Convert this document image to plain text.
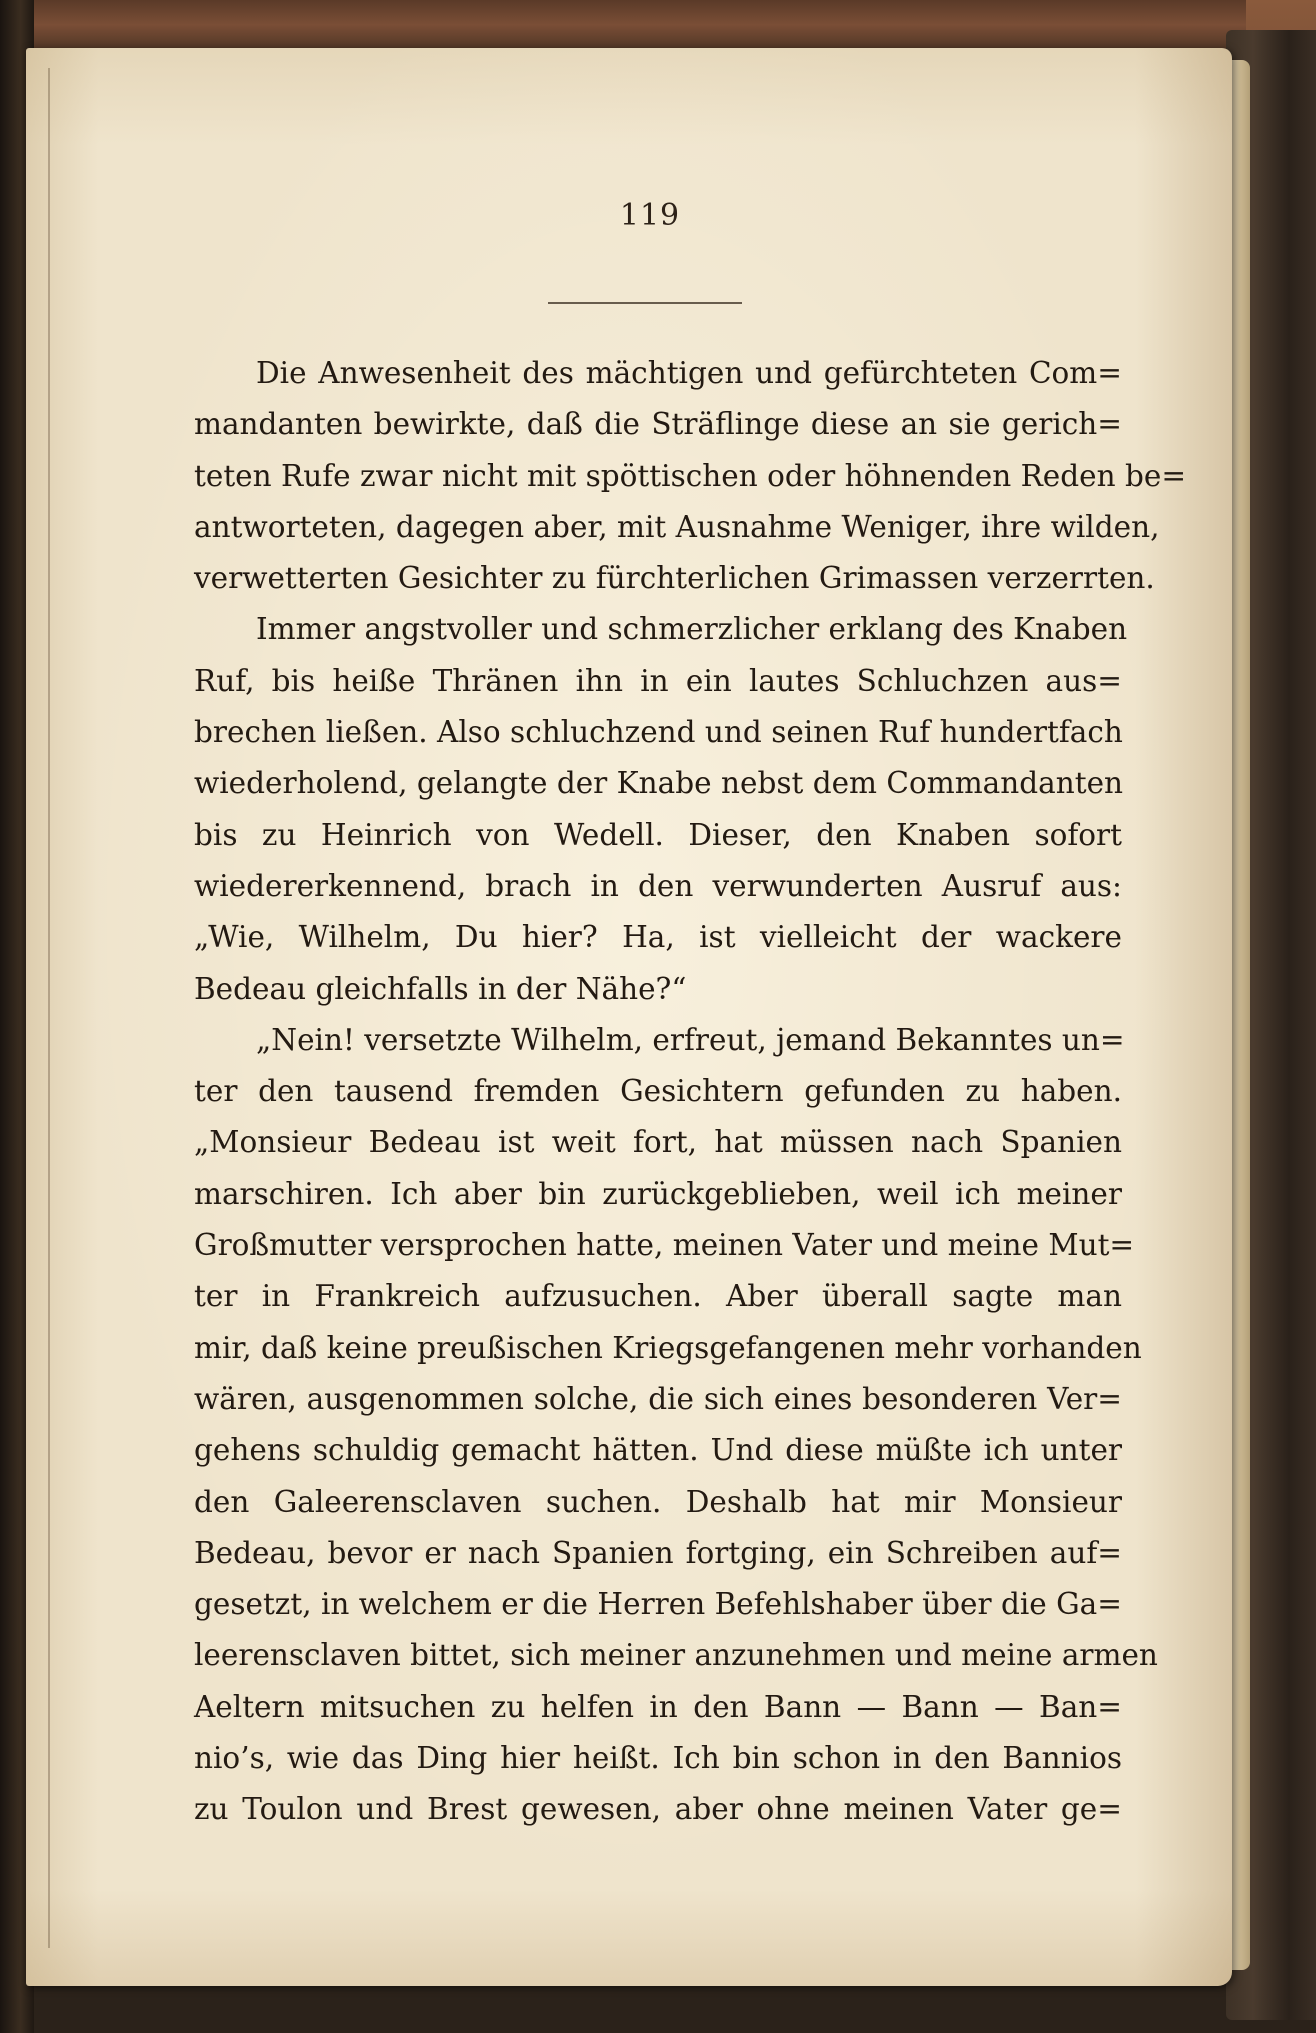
119
Die Anwesenheit des mächtigen und gefürchteten Com=
mandanten bewirkte, daß die Sträflinge diese an sie gerich=
teten Rufe zwar nicht mit spöttischen oder höhnenden Reden be=
antworteten, dagegen aber, mit Ausnahme Weniger, ihre wilden,
verwetterten Gesichter zu fürchterlichen Grimassen verzerrten.
Immer angstvoller und schmerzlicher erklang des Knaben
Ruf, bis heiße Thränen ihn in ein lautes Schluchzen aus=
brechen ließen. Also schluchzend und seinen Ruf hundertfach
wiederholend, gelangte der Knabe nebst dem Commandanten
bis zu Heinrich von Wedell. Dieser, den Knaben sofort
wiedererkennend, brach in den verwunderten Ausruf aus:
„Wie, Wilhelm, Du hier? Ha, ist vielleicht der wackere
Bedeau gleichfalls in der Nähe?“
„Nein! versetzte Wilhelm, erfreut, jemand Bekanntes un=
ter den tausend fremden Gesichtern gefunden zu haben.
„Monsieur Bedeau ist weit fort, hat müssen nach Spanien
marschiren. Ich aber bin zurückgeblieben, weil ich meiner
Großmutter versprochen hatte, meinen Vater und meine Mut=
ter in Frankreich aufzusuchen. Aber überall sagte man
mir, daß keine preußischen Kriegsgefangenen mehr vorhanden
wären, ausgenommen solche, die sich eines besonderen Ver=
gehens schuldig gemacht hätten. Und diese müßte ich unter
den Galeerensclaven suchen. Deshalb hat mir Monsieur
Bedeau, bevor er nach Spanien fortging, ein Schreiben auf=
gesetzt, in welchem er die Herren Befehlshaber über die Ga=
leerensclaven bittet, sich meiner anzunehmen und meine armen
Aeltern mitsuchen zu helfen in den Bann — Bann — Ban=
nio’s, wie das Ding hier heißt. Ich bin schon in den Bannios
zu Toulon und Brest gewesen, aber ohne meinen Vater ge=
